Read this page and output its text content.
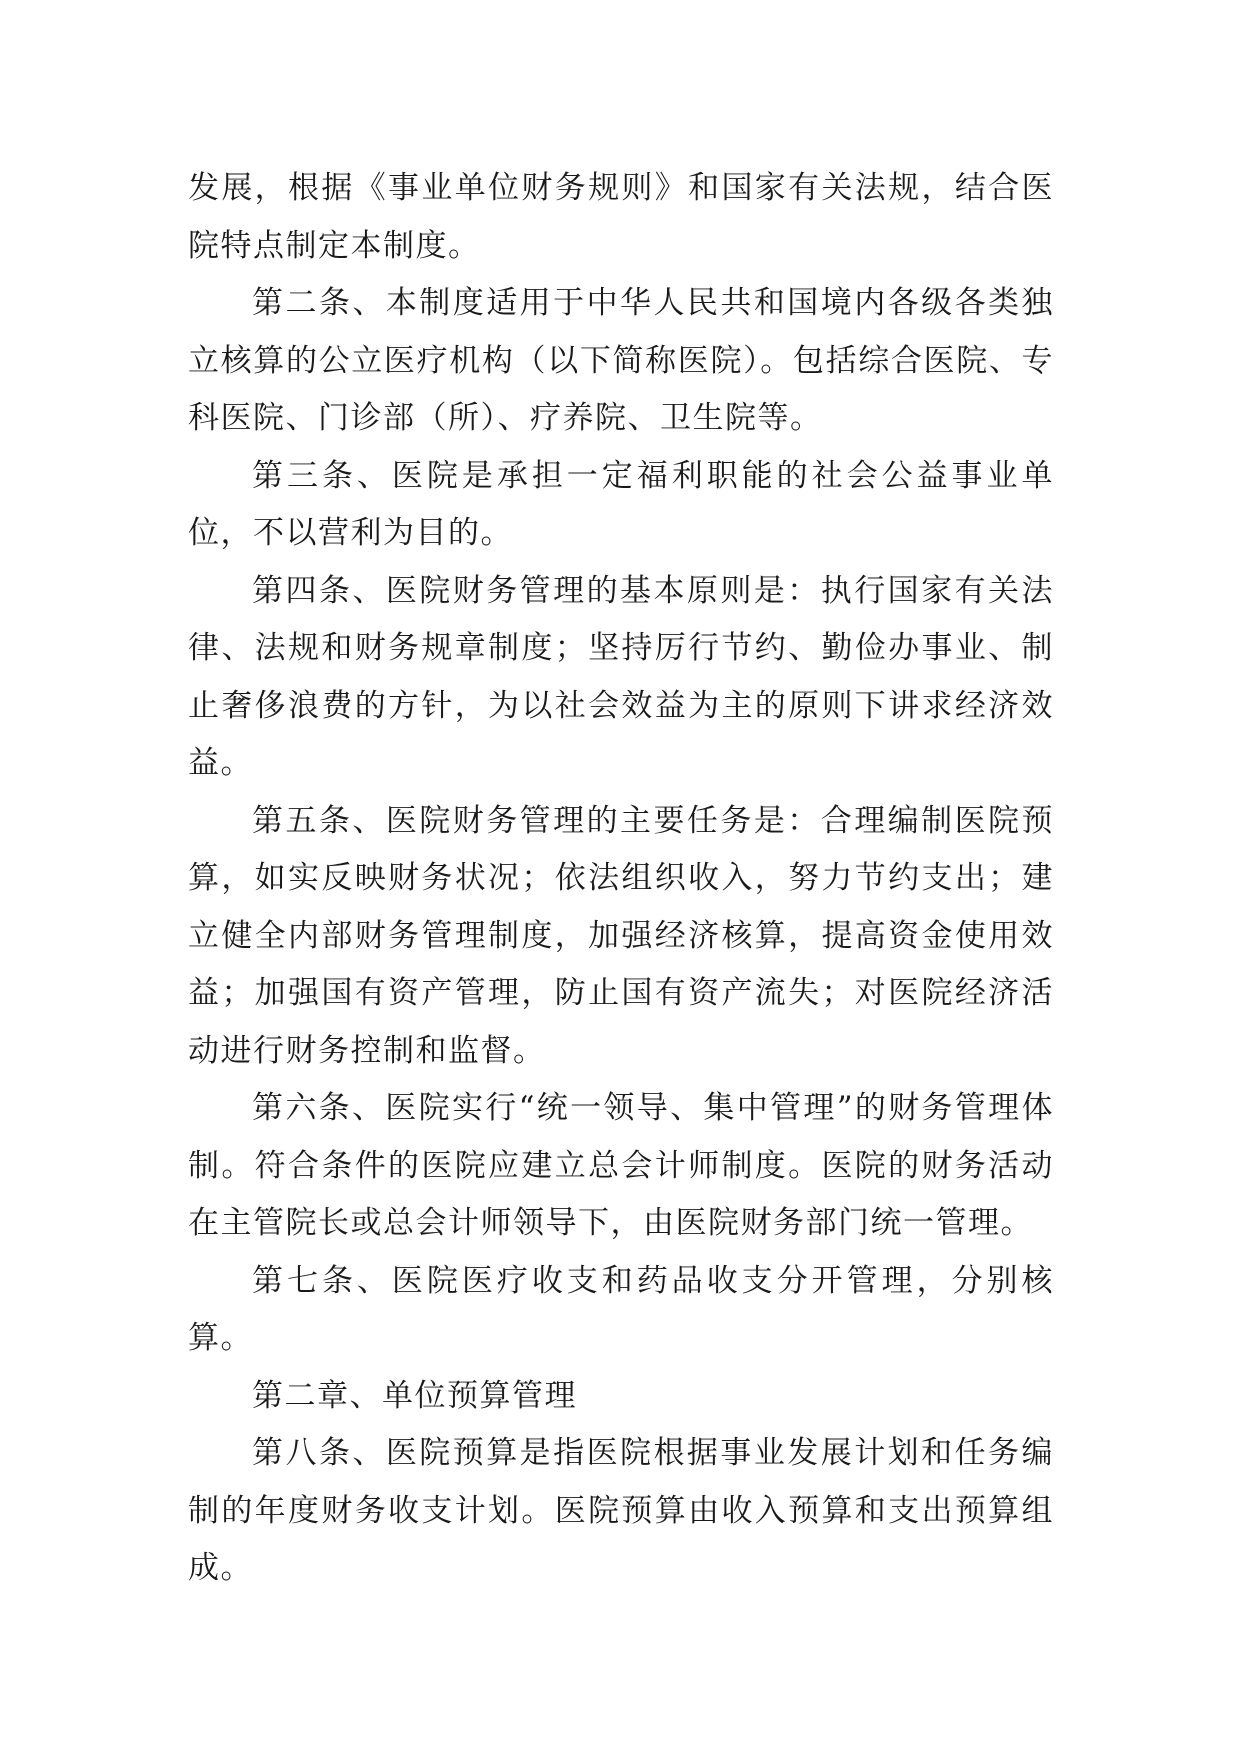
发展，根据《事业单位财务规则》和国家有关法规，结合医院特点制定本制度。

第二条、本制度适用于中华人民共和国境内各级各类独立核算的公立医疗机构（以下简称医院）。包括综合医院、专科医院、门诊部（所）、疗养院、卫生院等。

第三条、医院是承担一定福利职能的社会公益事业单位，不以营利为目的。

第四条、医院财务管理的基本原则是：执行国家有关法律、法规和财务规章制度；坚持厉行节约、勤俭办事业、制止奢侈浪费的方针，为以社会效益为主的原则下讲求经济效益。

第五条、医院财务管理的主要任务是：合理编制医院预算，如实反映财务状况；依法组织收入，努力节约支出；建立健全内部财务管理制度，加强经济核算，提高资金使用效益；加强国有资产管理，防止国有资产流失；对医院经济活动进行财务控制和监督。

第六条、医院实行“统一领导、集中管理”的财务管理体制。符合条件的医院应建立总会计师制度。医院的财务活动在主管院长或总会计师领导下，由医院财务部门统一管理。

第七条、医院医疗收支和药品收支分开管理，分别核算。

第二章、单位预算管理

第八条、医院预算是指医院根据事业发展计划和任务编制的年度财务收支计划。医院预算由收入预算和支出预算组成。
